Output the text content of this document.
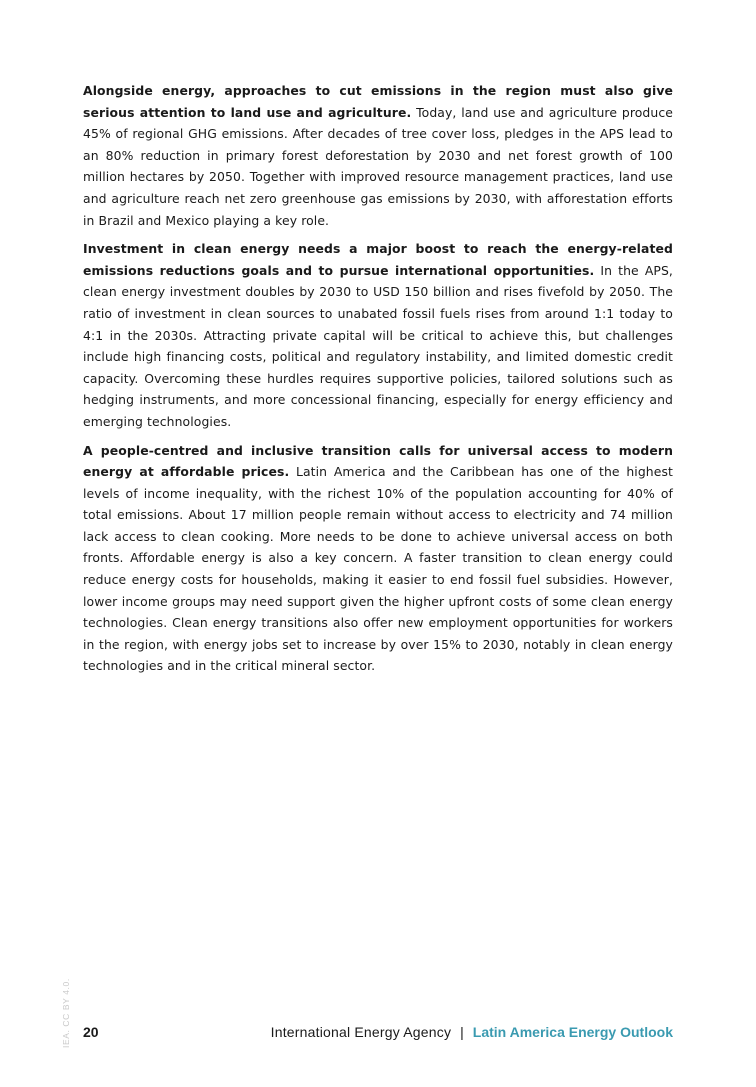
Alongside energy, approaches to cut emissions in the region must also give serious attention to land use and agriculture. Today, land use and agriculture produce 45% of regional GHG emissions. After decades of tree cover loss, pledges in the APS lead to an 80% reduction in primary forest deforestation by 2030 and net forest growth of 100 million hectares by 2050. Together with improved resource management practices, land use and agriculture reach net zero greenhouse gas emissions by 2030, with afforestation efforts in Brazil and Mexico playing a key role.

Investment in clean energy needs a major boost to reach the energy-related emissions reductions goals and to pursue international opportunities. In the APS, clean energy investment doubles by 2030 to USD 150 billion and rises fivefold by 2050. The ratio of investment in clean sources to unabated fossil fuels rises from around 1:1 today to 4:1 in the 2030s. Attracting private capital will be critical to achieve this, but challenges include high financing costs, political and regulatory instability, and limited domestic credit capacity. Overcoming these hurdles requires supportive policies, tailored solutions such as hedging instruments, and more concessional financing, especially for energy efficiency and emerging technologies.

A people-centred and inclusive transition calls for universal access to modern energy at affordable prices. Latin America and the Caribbean has one of the highest levels of income inequality, with the richest 10% of the population accounting for 40% of total emissions. About 17 million people remain without access to electricity and 74 million lack access to clean cooking. More needs to be done to achieve universal access on both fronts. Affordable energy is also a key concern. A faster transition to clean energy could reduce energy costs for households, making it easier to end fossil fuel subsidies. However, lower income groups may need support given the higher upfront costs of some clean energy technologies. Clean energy transitions also offer new employment opportunities for workers in the region, with energy jobs set to increase by over 15% to 2030, notably in clean energy technologies and in the critical mineral sector.

IEA. CC BY 4.0. 20	International Energy Agency | Latin America Energy Outlook
